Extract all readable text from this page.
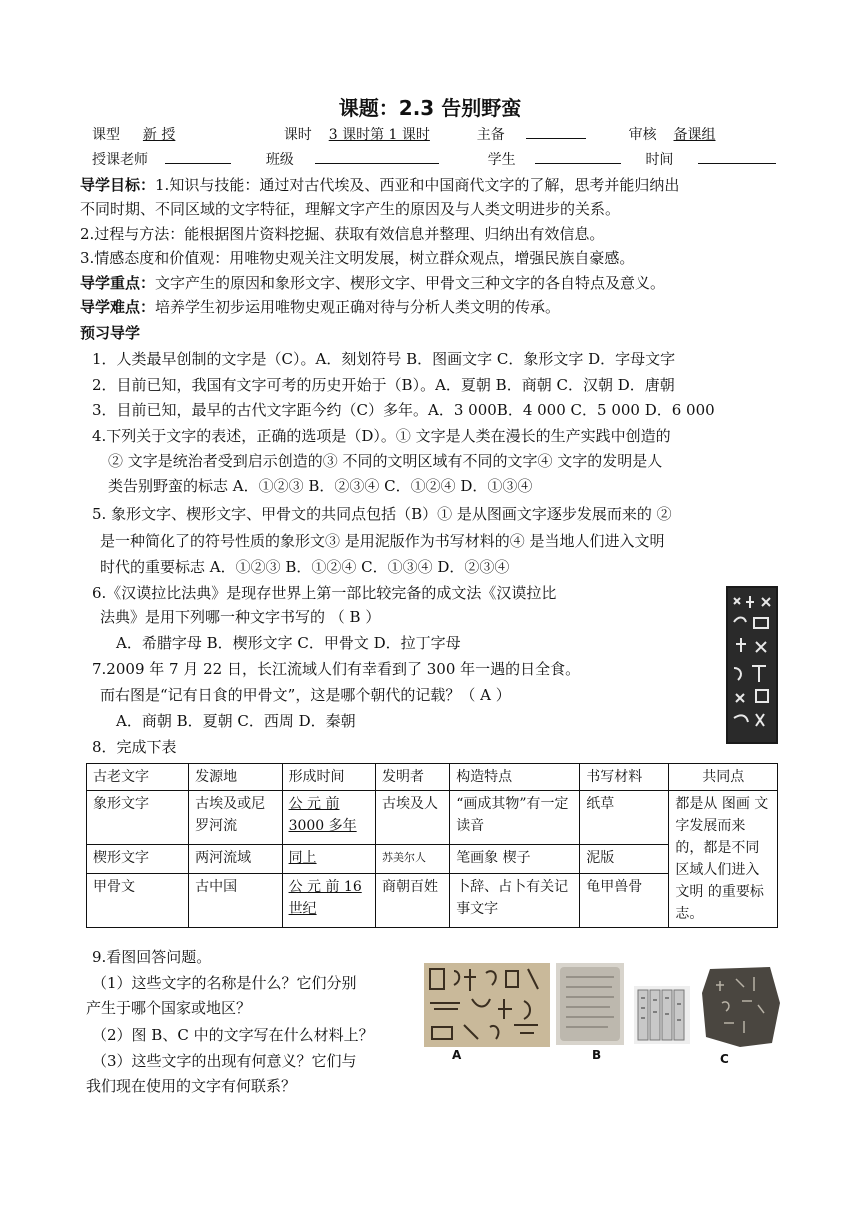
课题：2.3 告别野蛮
课型 新 授	课时 3 课时第 1 课时	主备	审核 备课组
授课老师	班级	学生	时间
导学目标：1.知识与技能：通过对古代埃及、西亚和中国商代文字的了解，思考并能归纳出
不同时期、不同区域的文字特征，理解文字产生的原因及与人类文明进步的关系。
2.过程与方法：能根据图片资料挖掘、获取有效信息并整理、归纳出有效信息。
3.情感态度和价值观：用唯物史观关注文明发展，树立群众观点，增强民族自豪感。
导学重点：文字产生的原因和象形文字、楔形文字、甲骨文三种文字的各自特点及意义。
导学难点：培养学生初步运用唯物史观正确对待与分析人类文明的传承。
预习导学
1．人类最早创制的文字是（C）。A．刻划符号 B．图画文字 C．象形文字 D．字母文字
2．目前已知，我国有文字可考的历史开始于（B）。A．夏朝 B．商朝 C．汉朝 D．唐朝
3．目前已知，最早的古代文字距今约（C）多年。A．3 000B．4 000 C．5 000 D．6 000
4.下列关于文字的表述，正确的选项是（D）。① 文字是人类在漫长的生产实践中创造的
② 文字是统治者受到启示创造的③ 不同的文明区域有不同的文字④ 文字的发明是人
类告别野蛮的标志 A．①②③ B．②③④ C．①②④ D．①③④
5. 象形文字、楔形文字、甲骨文的共同点包括（B）① 是从图画文字逐步发展而来的 ②
是一种简化了的符号性质的象形文③ 是用泥版作为书写材料的④ 是当地人们进入文明
时代的重要标志 A．①②③ B．①②④ C．①③④ D．②③④
6.《汉谟拉比法典》是现存世界上第一部比较完备的成文法《汉谟拉比
法典》是用下列哪一种文字书写的 （ B ）
A．希腊字母 B．楔形文字 C．甲骨文 D．拉丁字母
7.2009 年 7 月 22 日，长江流域人们有幸看到了 300 年一遇的日全食。
而右图是“记有日食的甲骨文”，这是哪个朝代的记载？（ A ）
A．商朝 B．夏朝 C．西周 D．秦朝
8．完成下表
古老文字	发源地	形成时间	发明者	构造特点	书写材料	共同点
象形文字	古埃及或尼罗河流	公 元 前 3000 多年	古埃及人	“画成其物”有一定读音	纸草	都是从 图画 文字发展而来的，都是不同区域人们进入 文明 的重要标志。
楔形文字	两河流域	同上	苏美尔人	笔画象 楔子	泥版	
甲骨文	古中国	公 元 前 16 世纪	商朝百姓	卜辞、占卜有关记事文字	龟甲兽骨	
9.看图回答问题。
（1）这些文字的名称是什么？它们分别
产生于哪个国家或地区？
（2）图 B、C 中的文字写在什么材料上？
（3）这些文字的出现有何意义？它们与
我们现在使用的文字有何联系？
A	B	C
